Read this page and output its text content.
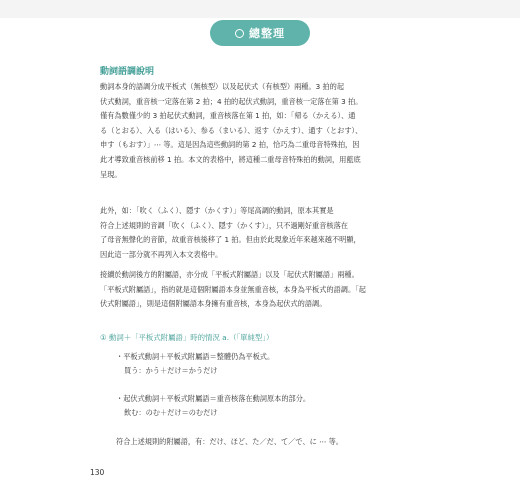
總整理
動詞語調說明

動詞本身的語調分成平板式（無核型）以及起伏式（有核型）兩種。3 拍的起

伏式動詞，重音核一定落在第 2 拍；4 拍的起伏式動詞，重音核一定落在第 3 拍。

僅有為數僅少的 3 拍起伏式動詞，重音核落在第 1 拍，如：「帰る（かえる）、通

る（とおる）、入る（はいる）、参る（まいる）、返す（かえす）、通す（とおす）、

申す（もおす）」⋯ 等。這是因為這些動詞的第 2 拍，恰巧為二重母音特殊拍，因

此才導致重音核前移 1 拍。本文的表格中，將這種二重母音特殊拍的動詞，用藍底

呈現。

此外，如：「吹く（ふく）、隠す（かくす）」等尾高調的動詞，原本其實是

符合上述規則的音調「吹く（ふく）、隠す（かくす）」，只不過剛好重音核落在

了母音無聲化的音節，故重音核後移了 1 拍。但由於此現象近年來越來越不明顯，

因此這一部分就不再列入本文表格中。

接續於動詞後方的附屬語，亦分成「平板式附屬語」以及「起伏式附屬語」兩種。

「平板式附屬語」，指的就是這個附屬語本身並無重音核，本身為平板式的語調。「起

伏式附屬語」，則是這個附屬語本身擁有重音核，本身為起伏式的語調。

① 動詞＋「平板式附屬語」時的情況 a.（「單純型」）
・平板式動詞＋平板式附屬語＝整體仍為平板式。
買う：かう＋だけ＝かうだけ
・起伏式動詞＋平板式附屬語＝重音核落在動詞原本的部分。
飲む：のむ＋だけ＝のむだけ
符合上述規則的附屬語，有：だけ、ほど、た／だ、て／で、に ⋯ 等。
130
